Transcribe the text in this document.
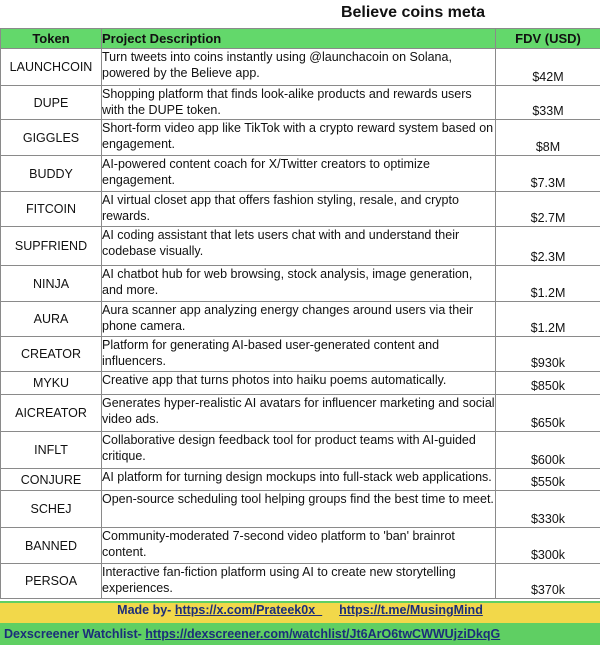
Believe coins meta
Token	Project Description	FDV (USD)
LAUNCHCOIN	Turn tweets into coins instantly using @launchacoin on Solana, powered by the Believe app.	$42M
DUPE	Shopping platform that finds look-alike products and rewards users with the DUPE token.	$33M
GIGGLES	Short-form video app like TikTok with a crypto reward system based on engagement.	$8M
BUDDY	AI-powered content coach for X/Twitter creators to optimize engagement.	$7.3M
FITCOIN	AI virtual closet app that offers fashion styling, resale, and crypto rewards.	$2.7M
SUPFRIEND	AI coding assistant that lets users chat with and understand their codebase visually.	$2.3M
NINJA	AI chatbot hub for web browsing, stock analysis, image generation, and more.	$1.2M
AURA	Aura scanner app analyzing energy changes around users via their phone camera.	$1.2M
CREATOR	Platform for generating AI-based user-generated content and influencers.	$930k
MYKU	Creative app that turns photos into haiku poems automatically.	$850k
AICREATOR	Generates hyper-realistic AI avatars for influencer marketing and social video ads.	$650k
INFLT	Collaborative design feedback tool for product teams with AI-guided critique.	$600k
CONJURE	AI platform for turning design mockups into full-stack web applications.	$550k
SCHEJ	Open-source scheduling tool helping groups find the best time to meet.	$330k
BANNED	Community-moderated 7-second video platform to 'ban' brainrot content.	$300k
PERSOA	Interactive fan-fiction platform using AI to create new storytelling experiences.	$370k
Made by- https://x.com/Prateek0x_ https://t.me/MusingMind
Dexscreener Watchlist- https://dexscreener.com/watchlist/Jt6ArO6twCWWUjziDkqG
